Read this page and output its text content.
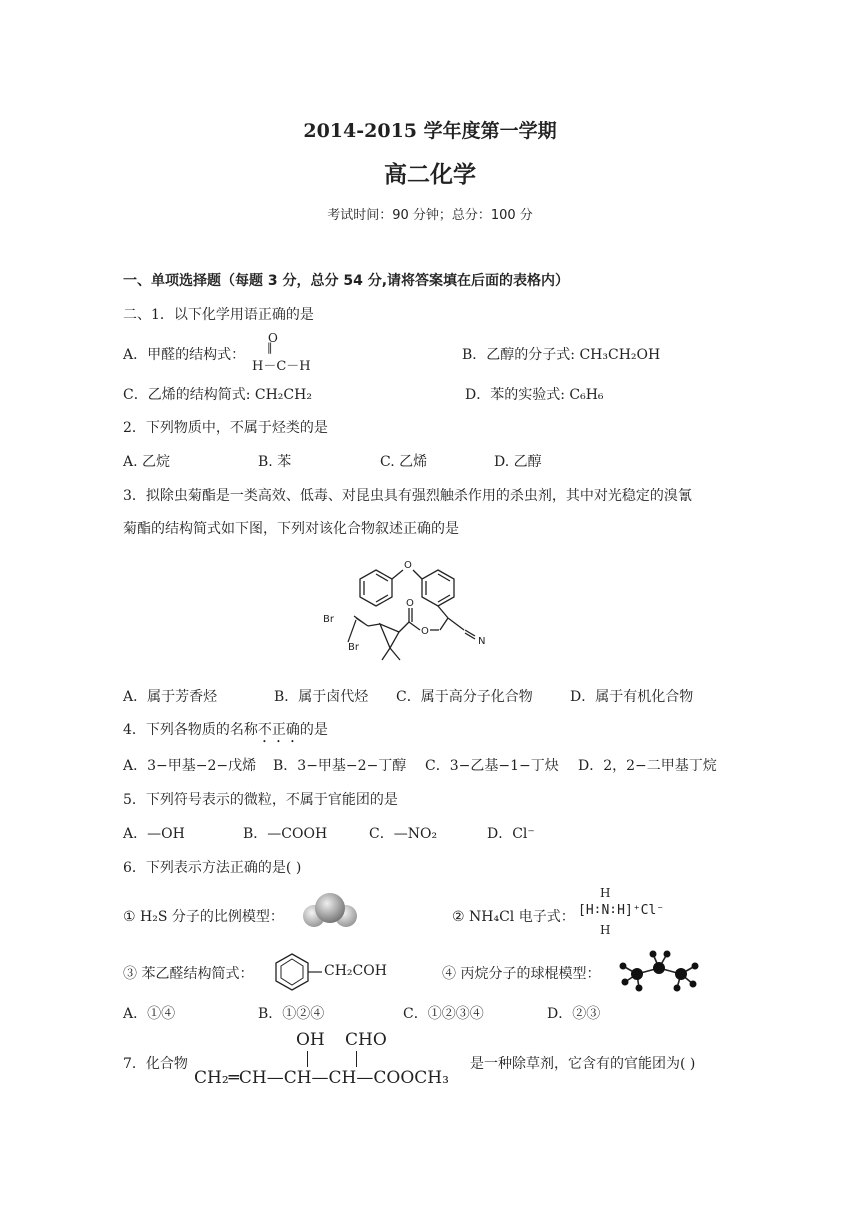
2014-2015 学年度第一学期
高二化学
考试时间：90 分钟；总分：100 分
一、单项选择题（每题 3 分，总分 54 分,请将答案填在后面的表格内）
二、1．以下化学用语正确的是
A．甲醛的结构式：
O
‖
H－C－H
B．乙醇的分子式: CH₃CH₂OH
C．乙烯的结构简式: CH₂CH₂	D．苯的实验式: C₆H₆
2．下列物质中，不属于烃类的是
A. 乙烷	B. 苯	C. 乙烯	D. 乙醇
3．拟除虫菊酯是一类高效、低毒、对昆虫具有强烈触杀作用的杀虫剂，其中对光稳定的溴氰
菊酯的结构简式如下图，下列对该化合物叙述正确的是
O
Br
Br
O
O
N
A．属于芳香烃	B．属于卤代烃 C．属于高分子化合物	D．属于有机化合物
4．下列各物质的名称不正确的是
A．3−甲基−2−戊烯 B．3−甲基−2−丁醇 C．3−乙基−1−丁炔 D．2，2−二甲基丁烷
5．下列符号表示的微粒，不属于官能团的是
A．—OH	B．—COOH	C．—NO₂	D．Cl⁻
6．下列表示方法正确的是( )
① H₂S 分子的比例模型：	② NH₄Cl 电子式：
H
[H∶N∶H]⁺Cl⁻
H
③ 苯乙醛结构简式：	CH₂COH	④ 丙烷分子的球棍模型：
A．①④	B．①②④	C．①②③④	D．②③
7．化合物
OH CHO
CH₂═CH—CH—CH—COOCH₃
是一种除草剂，它含有的官能团为( )
